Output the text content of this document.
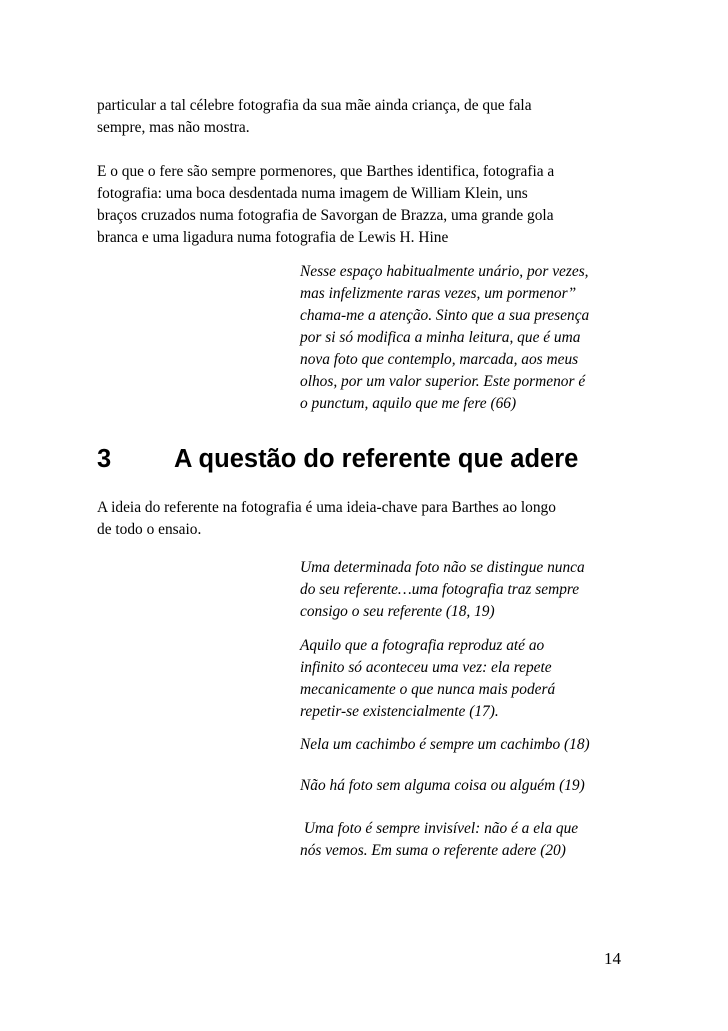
particular a tal célebre fotografia da sua mãe ainda criança, de que fala
sempre, mas não mostra.

E o que o fere são sempre pormenores, que Barthes identifica, fotografia a
fotografia: uma boca desdentada numa imagem de William Klein, uns
braços cruzados numa fotografia de Savorgan de Brazza, uma grande gola
branca e uma ligadura numa fotografia de Lewis H. Hine

Nesse espaço habitualmente unário, por vezes,
mas infelizmente raras vezes, um pormenor”
chama-me a atenção. Sinto que a sua presença
por si só modifica a minha leitura, que é uma
nova foto que contemplo, marcada, aos meus
olhos, por um valor superior. Este pormenor é
o punctum, aquilo que me fere (66)

3 A questão do referente que adere

A ideia do referente na fotografia é uma ideia-chave para Barthes ao longo
de todo o ensaio.

Uma determinada foto não se distingue nunca
do seu referente…uma fotografia traz sempre
consigo o seu referente (18, 19)

Aquilo que a fotografia reproduz até ao
infinito só aconteceu uma vez: ela repete
mecanicamente o que nunca mais poderá
repetir-se existencialmente (17).

Nela um cachimbo é sempre um cachimbo (18)

Não há foto sem alguma coisa ou alguém (19)

Uma foto é sempre invisível: não é a ela que
nós vemos. Em suma o referente adere (20)

14
